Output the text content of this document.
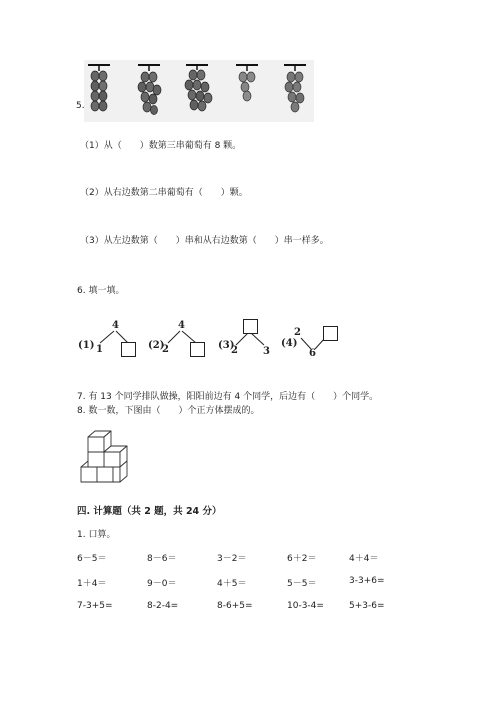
5.
（1）从（　　）数第三串葡萄有 8 颗。
（2）从右边数第二串葡萄有（　　）颗。
（3）从左边数第（　　）串和从右边数第（　　）串一样多。
6. 填一填。
(1)
4
1	(2)
4
2	(3)
2	3
(4)
2
6
7. 有 13 个同学排队做操，阳阳前边有 4 个同学，后边有（　　）个同学。
8. 数一数，下图由（　　）个正方体摆成的。
四. 计算题（共 2 题，共 24 分）
1. 口算。
6－5＝	8－6＝	3－2＝	6＋2＝	4＋4＝
1＋4＝	9－0＝	4＋5＝	5－5＝	3-3+6=
7-3+5=	8-2-4=	8-6+5=	10-3-4=	5+3-6=
